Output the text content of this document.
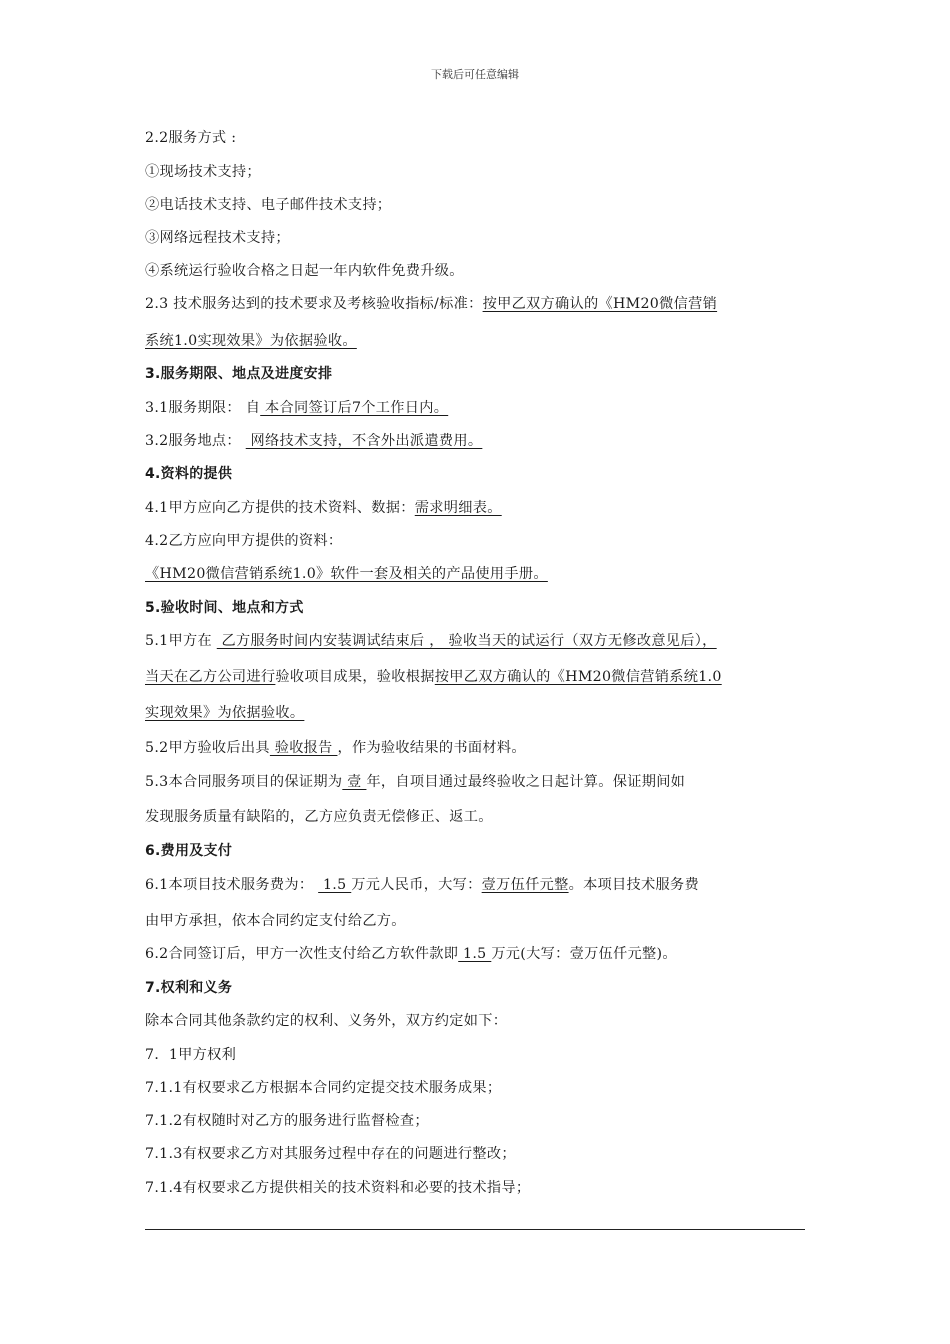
下载后可任意编辑
2.2服务方式 :
①现场技术支持；
②电话技术支持、电子邮件技术支持；
③网络远程技术支持；
④系统运行验收合格之日起一年内软件免费升级。
2.3 技术服务达到的技术要求及考核验收指标/标准：按甲乙双方确认的《HM20微信营销
系统1.0实现效果》为依据验收。
3.服务期限、地点及进度安排
3.1服务期限： 自 本合同签订后7个工作日内。
3.2服务地点：  网络技术支持，不含外出派遣费用。
4.资料的提供
4.1甲方应向乙方提供的技术资料、数据：需求明细表。
4.2乙方应向甲方提供的资料：
《HM20微信营销系统1.0》软件一套及相关的产品使用手册。
5.验收时间、地点和方式
5.1甲方在  乙方服务时间内安装调试结束后 ， 验收当天的试运行（双方无修改意见后），
当天在乙方公司进行验收项目成果，验收根据按甲乙双方确认的《HM20微信营销系统1.0
实现效果》为依据验收。
5.2甲方验收后出具 验收报告 ，作为验收结果的书面材料。
5.3本合同服务项目的保证期为 壹 年，自项目通过最终验收之日起计算。保证期间如
发现服务质量有缺陷的，乙方应负责无偿修正、返工。
6.费用及支付
6.1本项目技术服务费为：  1.5 万元人民币，大写：壹万伍仟元整。本项目技术服务费
由甲方承担，依本合同约定支付给乙方。
6.2合同签订后，甲方一次性支付给乙方软件款即 1.5 万元(大写：壹万伍仟元整)。
7.权利和义务
除本合同其他条款约定的权利、义务外，双方约定如下：
7．1甲方权利
7.1.1有权要求乙方根据本合同约定提交技术服务成果；
7.1.2有权随时对乙方的服务进行监督检查；
7.1.3有权要求乙方对其服务过程中存在的问题进行整改；
7.1.4有权要求乙方提供相关的技术资料和必要的技术指导；
